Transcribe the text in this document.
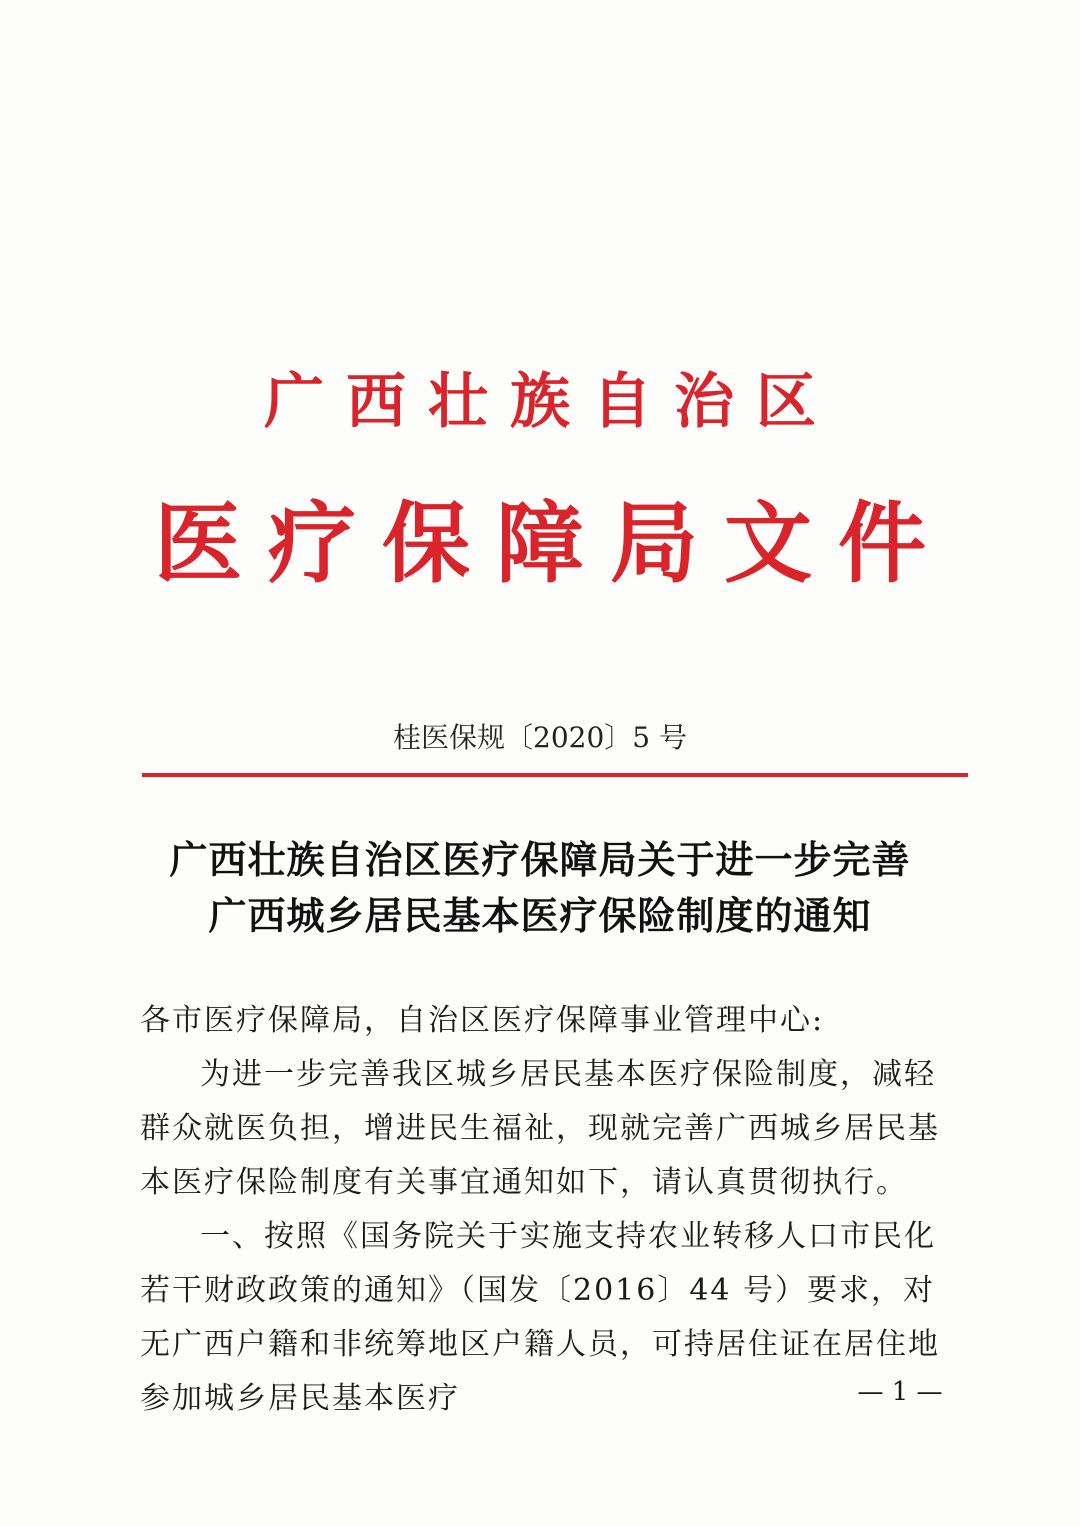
广西壮族自治区
医疗保障局文件
桂医保规〔2020〕5 号
广西壮族自治区医疗保障局关于进一步完善
广西城乡居民基本医疗保险制度的通知

各市医疗保障局，自治区医疗保障事业管理中心:

为进一步完善我区城乡居民基本医疗保险制度，减轻群众就医负担，增进民生福祉，现就完善广西城乡居民基本医疗保险制度有关事宜通知如下，请认真贯彻执行。

一、按照《国务院关于实施支持农业转移人口市民化若干财政政策的通知》（国发〔2016〕44 号）要求，对无广西户籍和非统筹地区户籍人员，可持居住证在居住地参加城乡居民基本医疗	— 1 —
